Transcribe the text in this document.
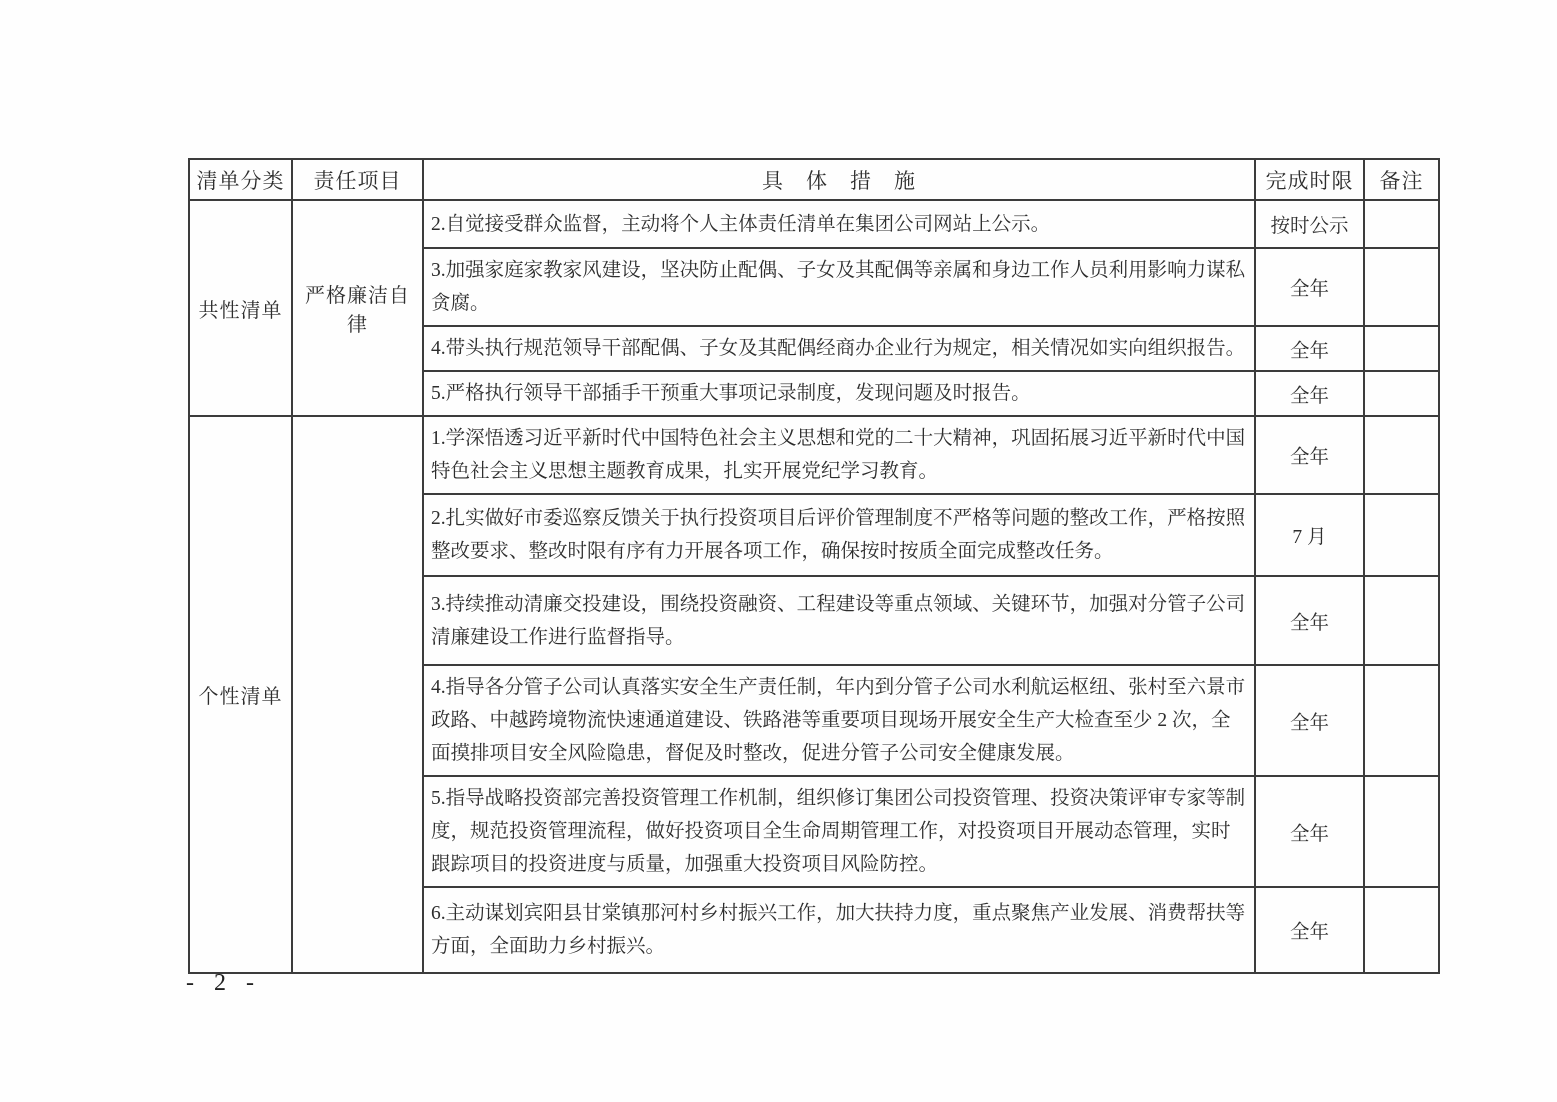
清单分类	责任项目	具　体　措　施	完成时限	备注
共性清单	严格廉洁自律	2.自觉接受群众监督，主动将个人主体责任清单在集团公司网站上公示。	按时公示	
		3.加强家庭家教家风建设，坚决防止配偶、子女及其配偶等亲属和身边工作人员利用影响力谋私贪腐。	全年	
		4.带头执行规范领导干部配偶、子女及其配偶经商办企业行为规定，相关情况如实向组织报告。	全年	
		5.严格执行领导干部插手干预重大事项记录制度，发现问题及时报告。	全年	
个性清单		1.学深悟透习近平新时代中国特色社会主义思想和党的二十大精神，巩固拓展习近平新时代中国特色社会主义思想主题教育成果，扎实开展党纪学习教育。	全年	
		2.扎实做好市委巡察反馈关于执行投资项目后评价管理制度不严格等问题的整改工作，严格按照整改要求、整改时限有序有力开展各项工作，确保按时按质全面完成整改任务。	7 月	
		3.持续推动清廉交投建设，围绕投资融资、工程建设等重点领域、关键环节，加强对分管子公司清廉建设工作进行监督指导。	全年	
		4.指导各分管子公司认真落实安全生产责任制，年内到分管子公司水利航运枢纽、张村至六景市政路、中越跨境物流快速通道建设、铁路港等重要项目现场开展安全生产大检查至少 2 次，全面摸排项目安全风险隐患，督促及时整改，促进分管子公司安全健康发展。	全年	
		5.指导战略投资部完善投资管理工作机制，组织修订集团公司投资管理、投资决策评审专家等制度，规范投资管理流程，做好投资项目全生命周期管理工作，对投资项目开展动态管理，实时跟踪项目的投资进度与质量，加强重大投资项目风险防控。	全年	
		6.主动谋划宾阳县甘棠镇那河村乡村振兴工作，加大扶持力度，重点聚焦产业发展、消费帮扶等方面，全面助力乡村振兴。	全年	
- 2 -
